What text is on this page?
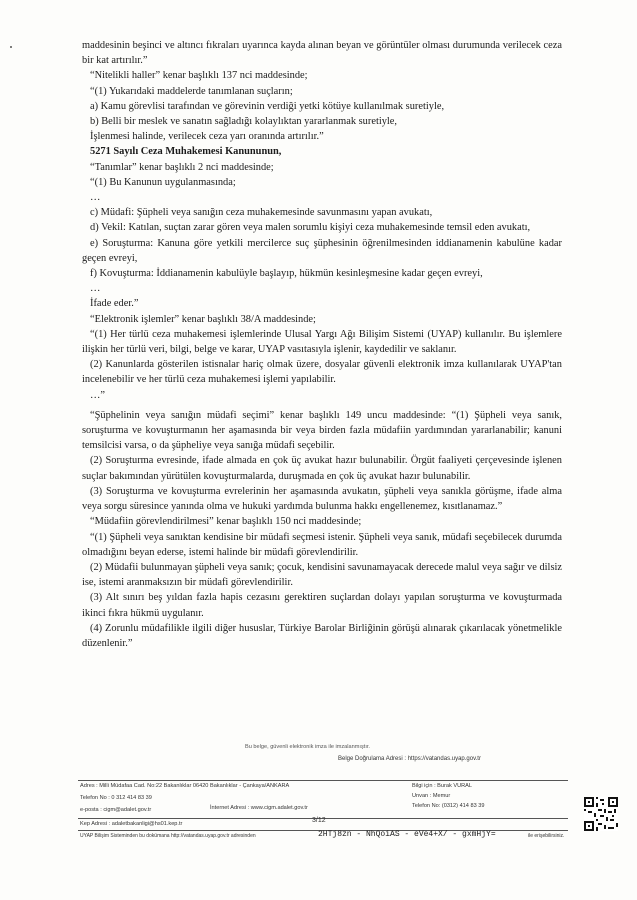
maddesinin beşinci ve altıncı fıkraları uyarınca kayda alınan beyan ve görüntüler olması durumunda verilecek ceza bir kat artırılır.”

“Nitelikli haller” kenar başlıklı 137 nci maddesinde;

“(1) Yukarıdaki maddelerde tanımlanan suçların;

a) Kamu görevlisi tarafından ve görevinin verdiği yetki kötüye kullanılmak suretiyle,

b) Belli bir meslek ve sanatın sağladığı kolaylıktan yararlanmak suretiyle,

İşlenmesi halinde, verilecek ceza yarı oranında artırılır.”

5271 Sayılı Ceza Muhakemesi Kanununun,

“Tanımlar” kenar başlıklı 2 nci maddesinde;

“(1) Bu Kanunun uygulanmasında;

…

c) Müdafi: Şüpheli veya sanığın ceza muhakemesinde savunmasını yapan avukatı,

d) Vekil: Katılan, suçtan zarar gören veya malen sorumlu kişiyi ceza muhakemesinde temsil eden avukatı,

e) Soruşturma: Kanuna göre yetkili mercilerce suç şüphesinin öğrenilmesinden iddianamenin kabulüne kadar geçen evreyi,

f) Kovuşturma: İddianamenin kabulüyle başlayıp, hükmün kesinleşmesine kadar geçen evreyi,

…

İfade eder.”

“Elektronik işlemler” kenar başlıklı 38/A maddesinde;

“(1) Her türlü ceza muhakemesi işlemlerinde Ulusal Yargı Ağı Bilişim Sistemi (UYAP) kullanılır. Bu işlemlere ilişkin her türlü veri, bilgi, belge ve karar, UYAP vasıtasıyla işlenir, kaydedilir ve saklanır.

(2) Kanunlarda gösterilen istisnalar hariç olmak üzere, dosyalar güvenli elektronik imza kullanılarak UYAP'tan incelenebilir ve her türlü ceza muhakemesi işlemi yapılabilir.

…”

“Şüphelinin veya sanığın müdafi seçimi” kenar başlıklı 149 uncu maddesinde: “(1) Şüpheli veya sanık, soruşturma ve kovuşturmanın her aşamasında bir veya birden fazla müdafiin yardımından yararlanabilir; kanuni temsilcisi varsa, o da şüpheliye veya sanığa müdafi seçebilir.

(2) Soruşturma evresinde, ifade almada en çok üç avukat hazır bulunabilir. Örgüt faaliyeti çerçevesinde işlenen suçlar bakımından yürütülen kovuşturmalarda, duruşmada en çok üç avukat hazır bulunabilir.

(3) Soruşturma ve kovuşturma evrelerinin her aşamasında avukatın, şüpheli veya sanıkla görüşme, ifade alma veya sorgu süresince yanında olma ve hukuki yardımda bulunma hakkı engellenemez, kısıtlanamaz.”

“Müdafiin görevlendirilmesi” kenar başlıklı 150 nci maddesinde;

“(1) Şüpheli veya sanıktan kendisine bir müdafi seçmesi istenir. Şüpheli veya sanık, müdafi seçebilecek durumda olmadığını beyan ederse, istemi halinde bir müdafi görevlendirilir.

(2) Müdafii bulunmayan şüpheli veya sanık; çocuk, kendisini savunamayacak derecede malul veya sağır ve dilsiz ise, istemi aranmaksızın bir müdafi görevlendirilir.

(3) Alt sınırı beş yıldan fazla hapis cezasını gerektiren suçlardan dolayı yapılan soruşturma ve kovuşturmada ikinci fıkra hükmü uygulanır.

(4) Zorunlu müdafilikle ilgili diğer hususlar, Türkiye Barolar Birliğinin görüşü alınarak çıkarılacak yönetmelikle düzenlenir.”

Bu belge, güvenli elektronik imza ile imzalanmıştır.
Belge Doğrulama Adresi : https://vatandas.uyap.gov.tr
Adres : Milli Müdafaa Cad. No:22 Bakanlıklar 06420 Bakanlıklar - Çankaya/ANKARA
Telefon No : 0 312 414 83 39
e-posta : cigm@adalet.gov.tr	İnternet Adresi : www.cigm.adalet.gov.tr
Bilgi için : Burak VURAL
Unvan : Memur
Telefon No: (0312) 414 83 39
Kep Adresi : adaletbakanligi@hs01.kep.tr	3/12
UYAP Bilişim Sisteminden bu dokümana http://vatandas.uyap.gov.tr adresinden	2HTj8zn - NhQoiAS - eVe4+X/ - gxmHjY=	ile erişebilirsiniz.
